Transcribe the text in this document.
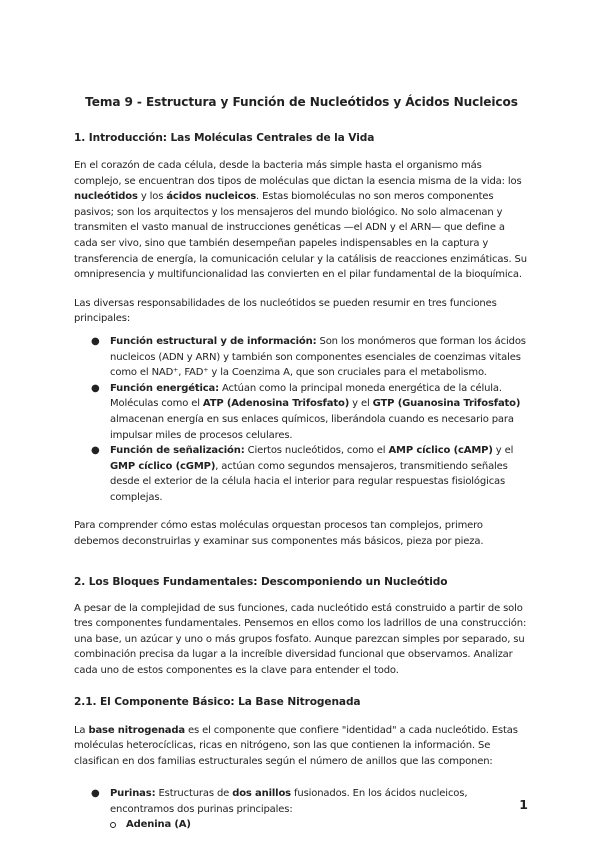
Tema 9 - Estructura y Función de Nucleótidos y Ácidos Nucleicos
1. Introducción: Las Moléculas Centrales de la Vida

En el corazón de cada célula, desde la bacteria más simple hasta el organismo más complejo, se encuentran dos tipos de moléculas que dictan la esencia misma de la vida: los nucleótidos y los ácidos nucleicos. Estas biomoléculas no son meros componentes pasivos; son los arquitectos y los mensajeros del mundo biológico. No solo almacenan y transmiten el vasto manual de instrucciones genéticas —el ADN y el ARN— que define a cada ser vivo, sino que también desempeñan papeles indispensables en la captura y transferencia de energía, la comunicación celular y la catálisis de reacciones enzimáticas. Su omnipresencia y multifuncionalidad las convierten en el pilar fundamental de la bioquímica.

Las diversas responsabilidades de los nucleótidos se pueden resumir en tres funciones principales:

● Función estructural y de información: Son los monómeros que forman los ácidos nucleicos (ADN y ARN) y también son componentes esenciales de coenzimas vitales como el NAD⁺, FAD⁺ y la Coenzima A, que son cruciales para el metabolismo.
● Función energética: Actúan como la principal moneda energética de la célula. Moléculas como el ATP (Adenosina Trifosfato) y el GTP (Guanosina Trifosfato) almacenan energía en sus enlaces químicos, liberándola cuando es necesario para impulsar miles de procesos celulares.
● Función de señalización: Ciertos nucleótidos, como el AMP cíclico (cAMP) y el GMP cíclico (cGMP), actúan como segundos mensajeros, transmitiendo señales desde el exterior de la célula hacia el interior para regular respuestas fisiológicas complejas.

Para comprender cómo estas moléculas orquestan procesos tan complejos, primero debemos deconstruirlas y examinar sus componentes más básicos, pieza por pieza.

2. Los Bloques Fundamentales: Descomponiendo un Nucleótido

A pesar de la complejidad de sus funciones, cada nucleótido está construido a partir de solo tres componentes fundamentales. Pensemos en ellos como los ladrillos de una construcción: una base, un azúcar y uno o más grupos fosfato. Aunque parezcan simples por separado, su combinación precisa da lugar a la increíble diversidad funcional que observamos. Analizar cada uno de estos componentes es la clave para entender el todo.

2.1. El Componente Básico: La Base Nitrogenada

La base nitrogenada es el componente que confiere "identidad" a cada nucleótido. Estas moléculas heterocíclicas, ricas en nitrógeno, son las que contienen la información. Se clasifican en dos familias estructurales según el número de anillos que las componen:

● Purinas: Estructuras de dos anillos fusionados. En los ácidos nucleicos, encontramos dos purinas principales:
Adenina (A)
1
